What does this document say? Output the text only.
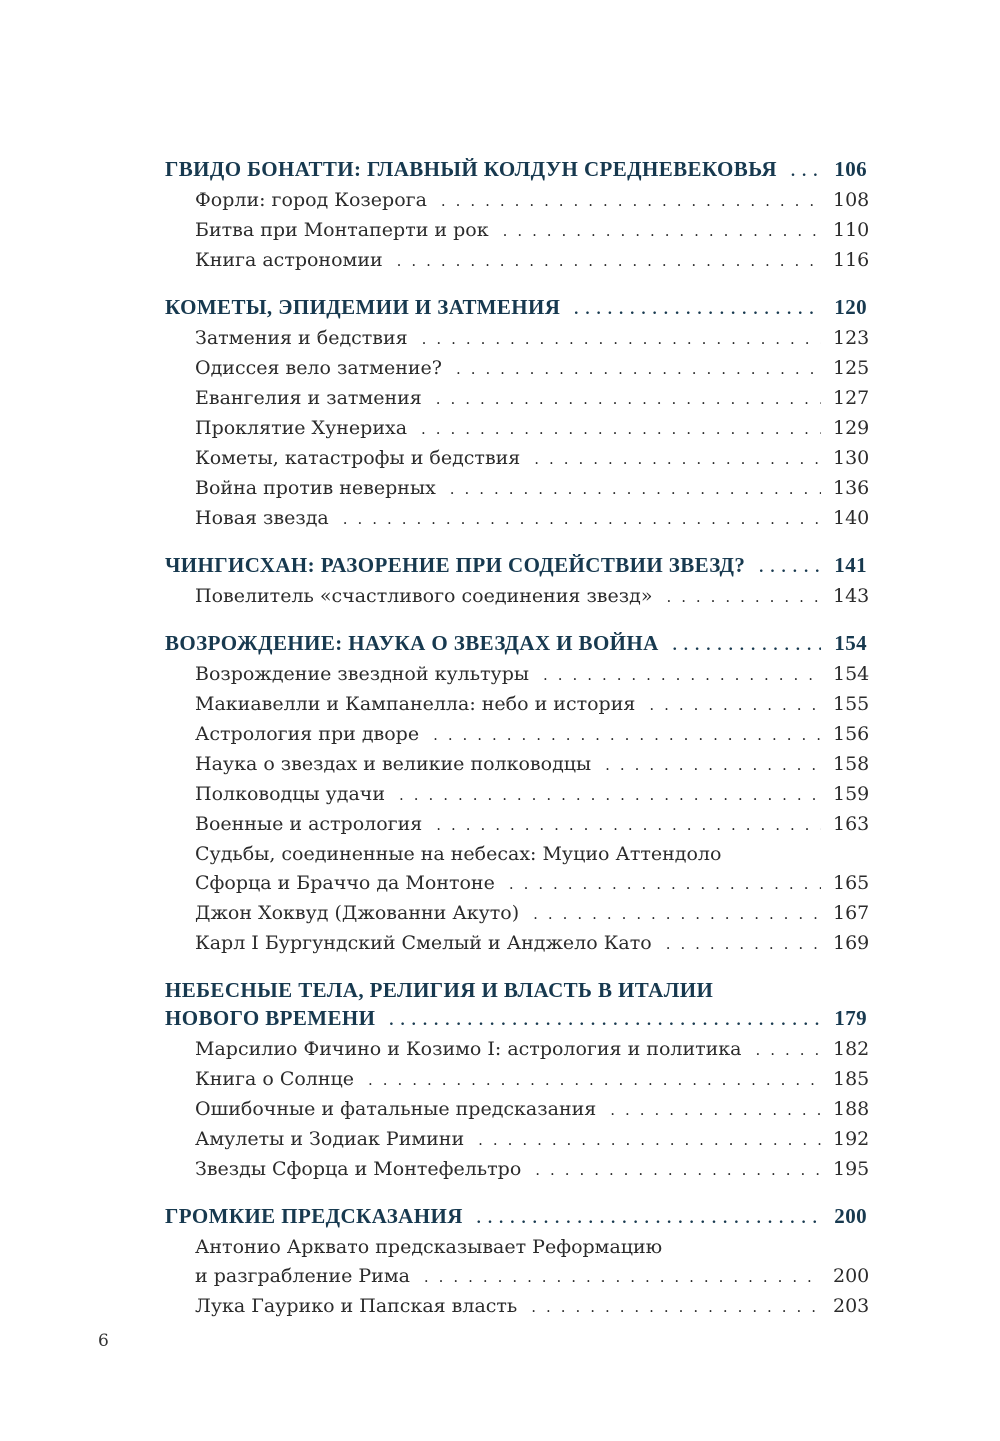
ГВИДО БОНАТТИ: ГЛАВНЫЙ КОЛДУН СРЕДНЕВЕКОВЬЯ . . .	106
Форли: город Козерога . . .	108
Битва при Монтаперти и рок . . .	110
Книга астрономии . . .	116
КОМЕТЫ, ЭПИДЕМИИ И ЗАТМЕНИЯ . . .	120
Затмения и бедствия . . .	123
Одиссея вело затмение? . . .	125
Евангелия и затмения . . .	127
Проклятие Хунериха . . .	129
Кометы, катастрофы и бедствия . . .	130
Война против неверных . . .	136
Новая звезда . . .	140
ЧИНГИСХАН: РАЗОРЕНИЕ ПРИ СОДЕЙСТВИИ ЗВЕЗД? . . .	141
Повелитель «счастливого соединения звезд» . . .	143
ВОЗРОЖДЕНИЕ: НАУКА О ЗВЕЗДАХ И ВОЙНА . . .	154
Возрождение звездной культуры . . .	154
Макиавелли и Кампанелла: небо и история . . .	155
Астрология при дворе . . .	156
Наука о звездах и великие полководцы . . .	158
Полководцы удачи . . .	159
Военные и астрология . . .	163
Судьбы, соединенные на небесах: Муцио Аттендоло
Сфорца и Браччо да Монтоне . . .	165
Джон Хоквуд (Джованни Акуто) . . .	167
Карл I Бургундский Смелый и Анджело Като . . .	169
НЕБЕСНЫЕ ТЕЛА, РЕЛИГИЯ И ВЛАСТЬ В ИТАЛИИ
НОВОГО ВРЕМЕНИ . . .	179
Марсилио Фичино и Козимо I: астрология и политика . . .	182
Книга о Солнце . . .	185
Ошибочные и фатальные предсказания . . .	188
Амулеты и Зодиак Римини . . .	192
Звезды Сфорца и Монтефельтро . . .	195
ГРОМКИЕ ПРЕДСКАЗАНИЯ . . .	200
Антонио Арквато предсказывает Реформацию
и разграбление Рима . . .	200
Лука Гаурико и Папская власть . . .	203
6
